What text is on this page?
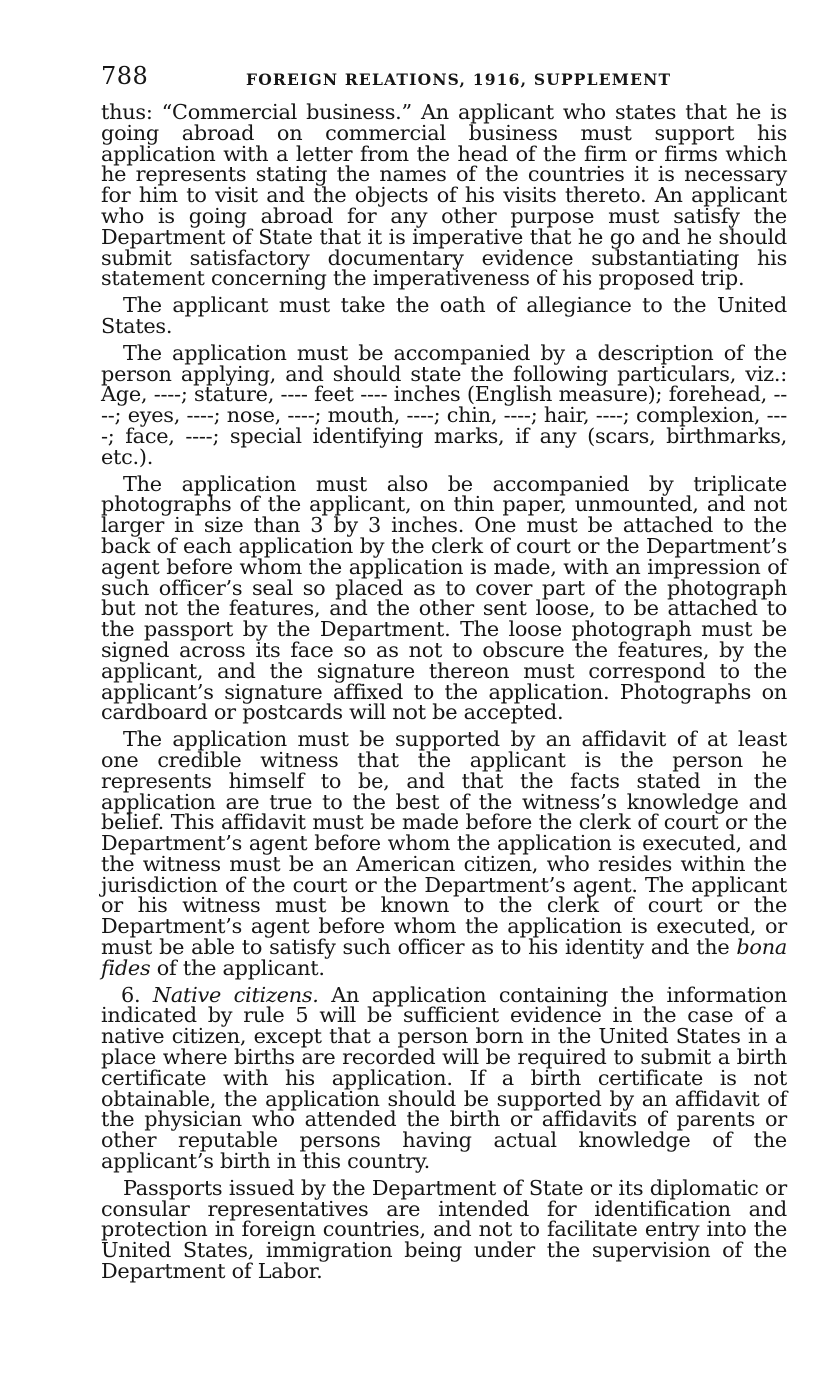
788	FOREIGN RELATIONS, 1916, SUPPLEMENT

thus: “Commercial business.” An applicant who states that he is going abroad on commercial business must support his application with a letter from the head of the firm or firms which he represents stating the names of the countries it is necessary for him to visit and the objects of his visits thereto. An applicant who is going abroad for any other purpose must satisfy the Department of State that it is imperative that he go and he should submit satisfactory documentary evidence substantiating his statement concerning the imperativeness of his proposed trip.

The applicant must take the oath of allegiance to the United States.

The application must be accompanied by a description of the person applying, and should state the following particulars, viz.: Age, ----; stature, ---- feet ---- inches (English measure); forehead, ----; eyes, ----; nose, ----; mouth, ----; chin, ----; hair, ----; complexion, ----; face, ----; special identifying marks, if any (scars, birthmarks, etc.).

The application must also be accompanied by triplicate photographs of the applicant, on thin paper, unmounted, and not larger in size than 3 by 3 inches. One must be attached to the back of each application by the clerk of court or the Department’s agent before whom the application is made, with an impression of such officer’s seal so placed as to cover part of the photograph but not the features, and the other sent loose, to be attached to the passport by the Department. The loose photograph must be signed across its face so as not to obscure the features, by the applicant, and the signature thereon must correspond to the applicant’s signature affixed to the application. Photographs on cardboard or postcards will not be accepted.

The application must be supported by an affidavit of at least one credible witness that the applicant is the person he represents himself to be, and that the facts stated in the application are true to the best of the witness’s knowledge and belief. This affidavit must be made before the clerk of court or the Department’s agent before whom the application is executed, and the witness must be an American citizen, who resides within the jurisdiction of the court or the Department’s agent. The applicant or his witness must be known to the clerk of court or the Department’s agent before whom the application is executed, or must be able to satisfy such officer as to his identity and the bona fides of the applicant.

6. Native citizens. An application containing the information indicated by rule 5 will be sufficient evidence in the case of a native citizen, except that a person born in the United States in a place where births are recorded will be required to submit a birth certificate with his application. If a birth certificate is not obtainable, the application should be supported by an affidavit of the physician who attended the birth or affidavits of parents or other reputable persons having actual knowledge of the applicant’s birth in this country.

Passports issued by the Department of State or its diplomatic or consular representatives are intended for identification and protection in foreign countries, and not to facilitate entry into the United States, immigration being under the supervision of the Department of Labor.
